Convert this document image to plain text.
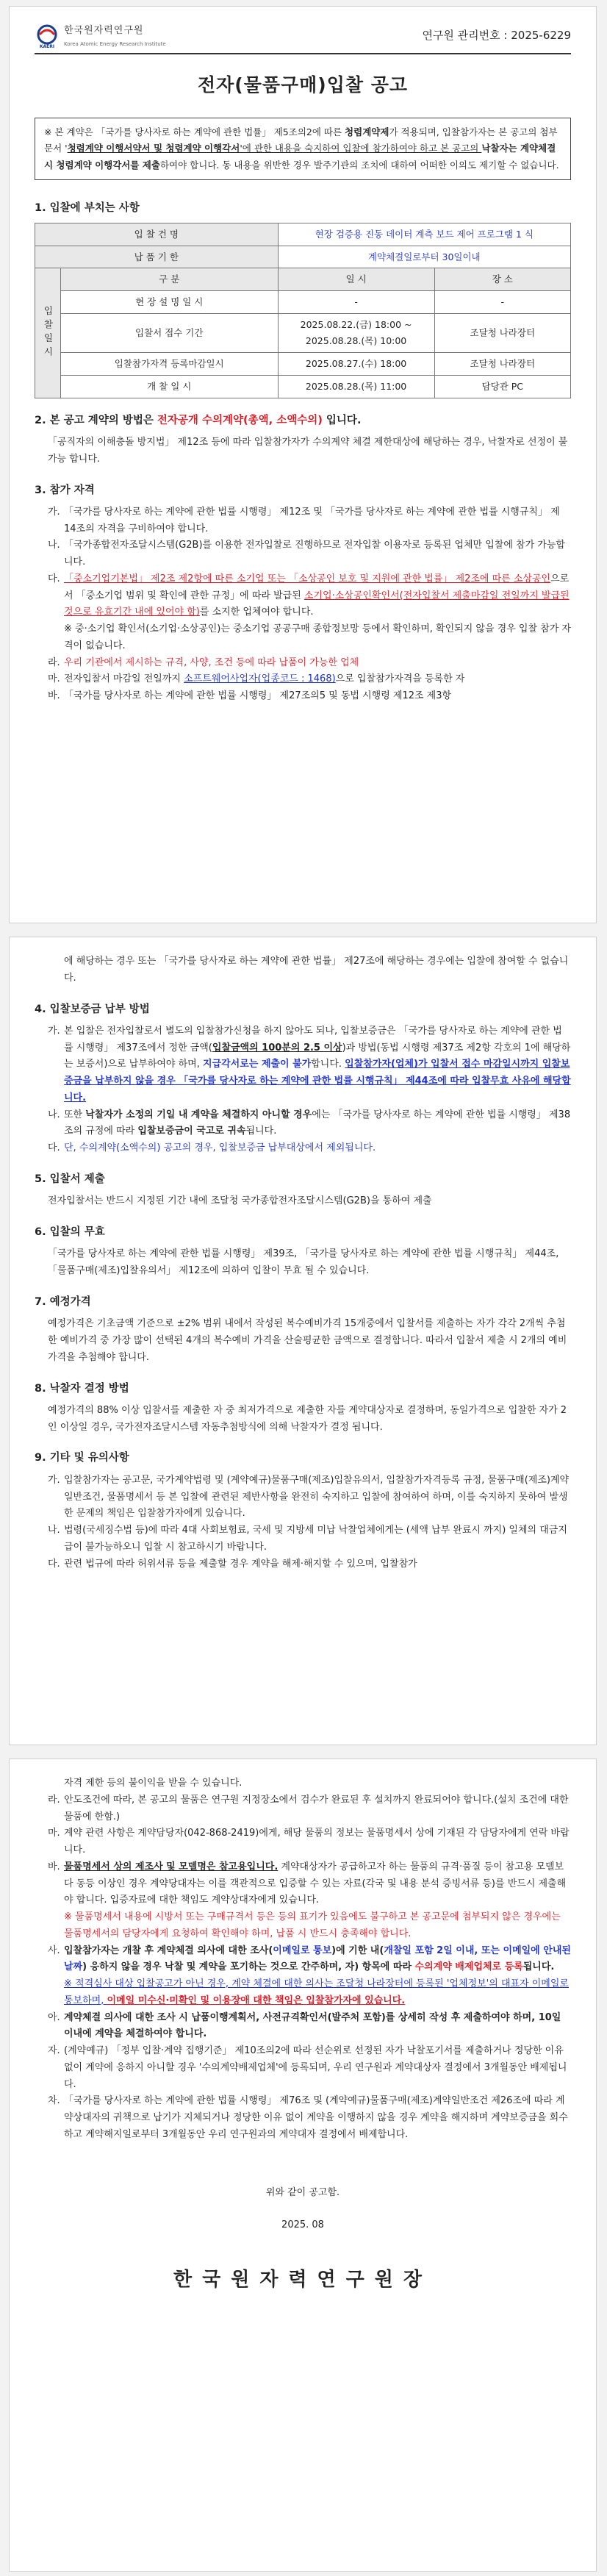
KAERI
한국원자력연구원
Korea Atomic Energy Research Institute
연구원 관리번호 : 2025-6229
전자(물품구매)입찰 공고
※ 본 계약은 「국가를 당사자로 하는 계약에 관한 법률」 제5조의2에 따른 청렴계약제가 적용되며, 입찰참가자는 본 공고의 첨부문서 '청렴계약 이행서약서 및 청렴계약 이행각서'에 관한 내용을 숙지하여 입찰에 참가하여야 하고 본 공고의 낙찰자는 계약체결 시 청렴계약 이행각서를 제출하여야 합니다. 동 내용을 위반한 경우 발주기관의 조치에 대하여 어떠한 이의도 제기할 수 없습니다.
1. 입찰에 부치는 사항
입 찰 건 명		현장 검증용 진동 데이터 계측 보드 제어 프로그램 1 식	
납 품 기 한		계약체결일로부터 30일이내	
입찰일시	구 분	일 시	장 소
	현 장 설 명 일 시	-	-
	입찰서 접수 기간	2025.08.22.(금) 18:00 ~ 2025.08.28.(목) 10:00	조달청 나라장터
	입찰참가자격 등록마감일시	2025.08.27.(수) 18:00	조달청 나라장터
	개 찰 일 시	2025.08.28.(목) 11:00	담당관 PC
2. 본 공고 계약의 방법은 전자공개 수의계약(총액, 소액수의) 입니다.
「공직자의 이해충돌 방지법」 제12조 등에 따라 입찰참가자가 수의계약 체결 제한대상에 해당하는 경우, 낙찰자로 선정이 불가능 합니다.
3. 참가 자격
가. 「국가를 당사자로 하는 계약에 관한 법률 시행령」 제12조 및 「국가를 당사자로 하는 계약에 관한 법률 시행규칙」 제14조의 자격을 구비하여야 합니다.
나. 「국가종합전자조달시스템(G2B)를 이용한 전자입찰로 진행하므로 전자입찰 이용자로 등록된 업체만 입찰에 참가 가능합니다.
다. 「중소기업기본법」 제2조 제2항에 따른 소기업 또는 「소상공인 보호 및 지원에 관한 법률」 제2조에 따른 소상공인으로서 「중소기업 범위 및 확인에 관한 규정」에 따라 발급된 소기업·소상공인확인서(전자입찰서 제출마감일 전일까지 발급된 것으로 유효기간 내에 있어야 함)를 소지한 업체여야 합니다.
※ 중·소기업 확인서(소기업·소상공인)는 중소기업 공공구매 종합정보망 등에서 확인하며, 확인되지 않을 경우 입찰 참가 자격이 없습니다.
라. 우리 기관에서 제시하는 규격, 사양, 조건 등에 따라 납품이 가능한 업체
마. 전자입찰서 마감일 전일까지 소프트웨어사업자(업종코드 : 1468)으로 입찰참가자격을 등록한 자
바. 「국가를 당사자로 하는 계약에 관한 법률 시행령」 제27조의5 및 동법 시행령 제12조 제3항
에 해당하는 경우 또는 「국가를 당사자로 하는 계약에 관한 법률」 제27조에 해당하는 경우에는 입찰에 참여할 수 없습니다.
4. 입찰보증금 납부 방법
가. 본 입찰은 전자입찰로서 별도의 입찰참가신청을 하지 않아도 되나, 입찰보증금은 「국가를 당사자로 하는 계약에 관한 법률 시행령」 제37조에서 정한 금액(입찰금액의 100분의 2.5 이상)과 방법(동법 시행령 제37조 제2항 각호의 1에 해당하는 보증서)으로 납부하여야 하며, 지급각서로는 제출이 불가합니다. 입찰참가자(업체)가 입찰서 접수 마감일시까지 입찰보증금을 납부하지 않을 경우 「국가를 당사자로 하는 계약에 관한 법률 시행규칙」 제44조에 따라 입찰무효 사유에 해당합니다.
나. 또한 낙찰자가 소정의 기일 내 계약을 체결하지 아니할 경우에는 「국가를 당사자로 하는 계약에 관한 법률 시행령」 제38조의 규정에 따라 입찰보증금이 국고로 귀속됩니다.
다. 단, 수의계약(소액수의) 공고의 경우, 입찰보증금 납부대상에서 제외됩니다.
5. 입찰서 제출
전자입찰서는 반드시 지정된 기간 내에 조달청 국가종합전자조달시스템(G2B)을 통하여 제출
6. 입찰의 무효
「국가를 당사자로 하는 계약에 관한 법률 시행령」 제39조, 「국가를 당사자로 하는 계약에 관한 법률 시행규칙」 제44조, 「물품구매(제조)입찰유의서」 제12조에 의하여 입찰이 무효 될 수 있습니다.
7. 예정가격
예정가격은 기초금액 기준으로 ±2% 범위 내에서 작성된 복수예비가격 15개중에서 입찰서를 제출하는 자가 각각 2개씩 추첨한 예비가격 중 가장 많이 선택된 4개의 복수예비 가격을 산술평균한 금액으로 결정합니다. 따라서 입찰서 제출 시 2개의 예비가격을 추첨해야 합니다.
8. 낙찰자 결정 방법
예정가격의 88% 이상 입찰서를 제출한 자 중 최저가격으로 제출한 자를 계약대상자로 결정하며, 동일가격으로 입찰한 자가 2인 이상일 경우, 국가전자조달시스템 자동추첨방식에 의해 낙찰자가 결정 됩니다.
9. 기타 및 유의사항
가. 입찰참가자는 공고문, 국가계약법령 및 (계약예규)물품구매(제조)입찰유의서, 입찰참가자격등록 규정, 물품구매(제조)계약일반조건, 물품명세서 등 본 입찰에 관련된 제반사항을 완전히 숙지하고 입찰에 참여하여 하며, 이를 숙지하지 못하여 발생한 문제의 책임은 입찰참가자에게 있습니다.
나. 법령(국세징수법 등)에 따라 4대 사회보험료, 국세 및 지방세 미납 낙찰업체에게는 (세액 납부 완료시 까지) 일체의 대금지급이 불가능하오니 입찰 시 참고하시기 바랍니다.
다. 관련 법규에 따라 허위서류 등을 제출할 경우 계약을 해제·해지할 수 있으며, 입찰참가
자격 제한 등의 불이익을 받을 수 있습니다.
라. 안도조건에 따라, 본 공고의 물품은 연구원 지정장소에서 검수가 완료된 후 설치까지 완료되어야 합니다.(설치 조건에 대한 물품에 한함.)
마. 계약 관련 사항은 계약담당자(042-868-2419)에게, 해당 물품의 정보는 물품명세서 상에 기재된 각 담당자에게 연락 바랍니다.
바. 물품명세서 상의 제조사 및 모델명은 참고용입니다. 계약대상자가 공급하고자 하는 물품의 규격·품질 등이 참고용 모델보다 동등 이상인 경우 계약당대자는 이를 객관적으로 입증할 수 있는 자료(각국 및 내용 분석 증빙서류 등)를 반드시 제출해야 합니다. 입증자료에 대한 책임도 계약상대자에게 있습니다.
※ 물품명세서 내용에 시방서 또는 구매규격서 등은 등의 표기가 있음에도 불구하고 본 공고문에 첨부되지 않은 경우에는 물품명세서의 담당자에게 요청하여 확인해야 하며, 납품 시 반드시 충족해야 합니다.
사. 입찰참가자는 개찰 후 계약체결 의사에 대한 조사(이메일로 통보)에 기한 내(개찰일 포함 2일 이내, 또는 이메일에 안내된 날짜) 응하지 않을 경우 낙찰 및 계약을 포기하는 것으로 간주하며, 자) 항목에 따라 수의계약 배제업체로 등록됩니다.
※ 적격심사 대상 입찰공고가 아닌 경우, 계약 체결에 대한 의사는 조달청 나라장터에 등록된 '업체정보'의 대표자 이메일로 통보하며, 이메일 미수신·미확인 및 이용장애 대한 책임은 입찰참가자에 있습니다.
아. 계약체결 의사에 대한 조사 시 납품이행계획서, 사전규격확인서(발주처 포함)를 상세히 작성 후 제출하여야 하며, 10일 이내에 계약을 체결하여야 합니다.
자. (계약예규) 「정부 입찰·계약 집행기준」 제10조의2에 따라 선순위로 선정된 자가 낙찰포기서를 제출하거나 정당한 이유 없이 계약에 응하지 아니할 경우 '수의계약배제업체'에 등록되며, 우리 연구원과 계약대상자 결정에서 3개월동안 배제됩니다.
차. 「국가를 당사자로 하는 계약에 관한 법률 시행령」 제76조 및 (계약예규)물품구매(제조)계약일반조건 제26조에 따라 계약상대자의 귀책으로 납기가 지체되거나 정당한 이유 없이 계약을 이행하지 않을 경우 계약을 해지하며 계약보증금을 회수하고 계약해지일로부터 3개월동안 우리 연구원과의 계약대자 결정에서 배제합니다.
위와 같이 공고함.
2025. 08
한국원자력연구원장
